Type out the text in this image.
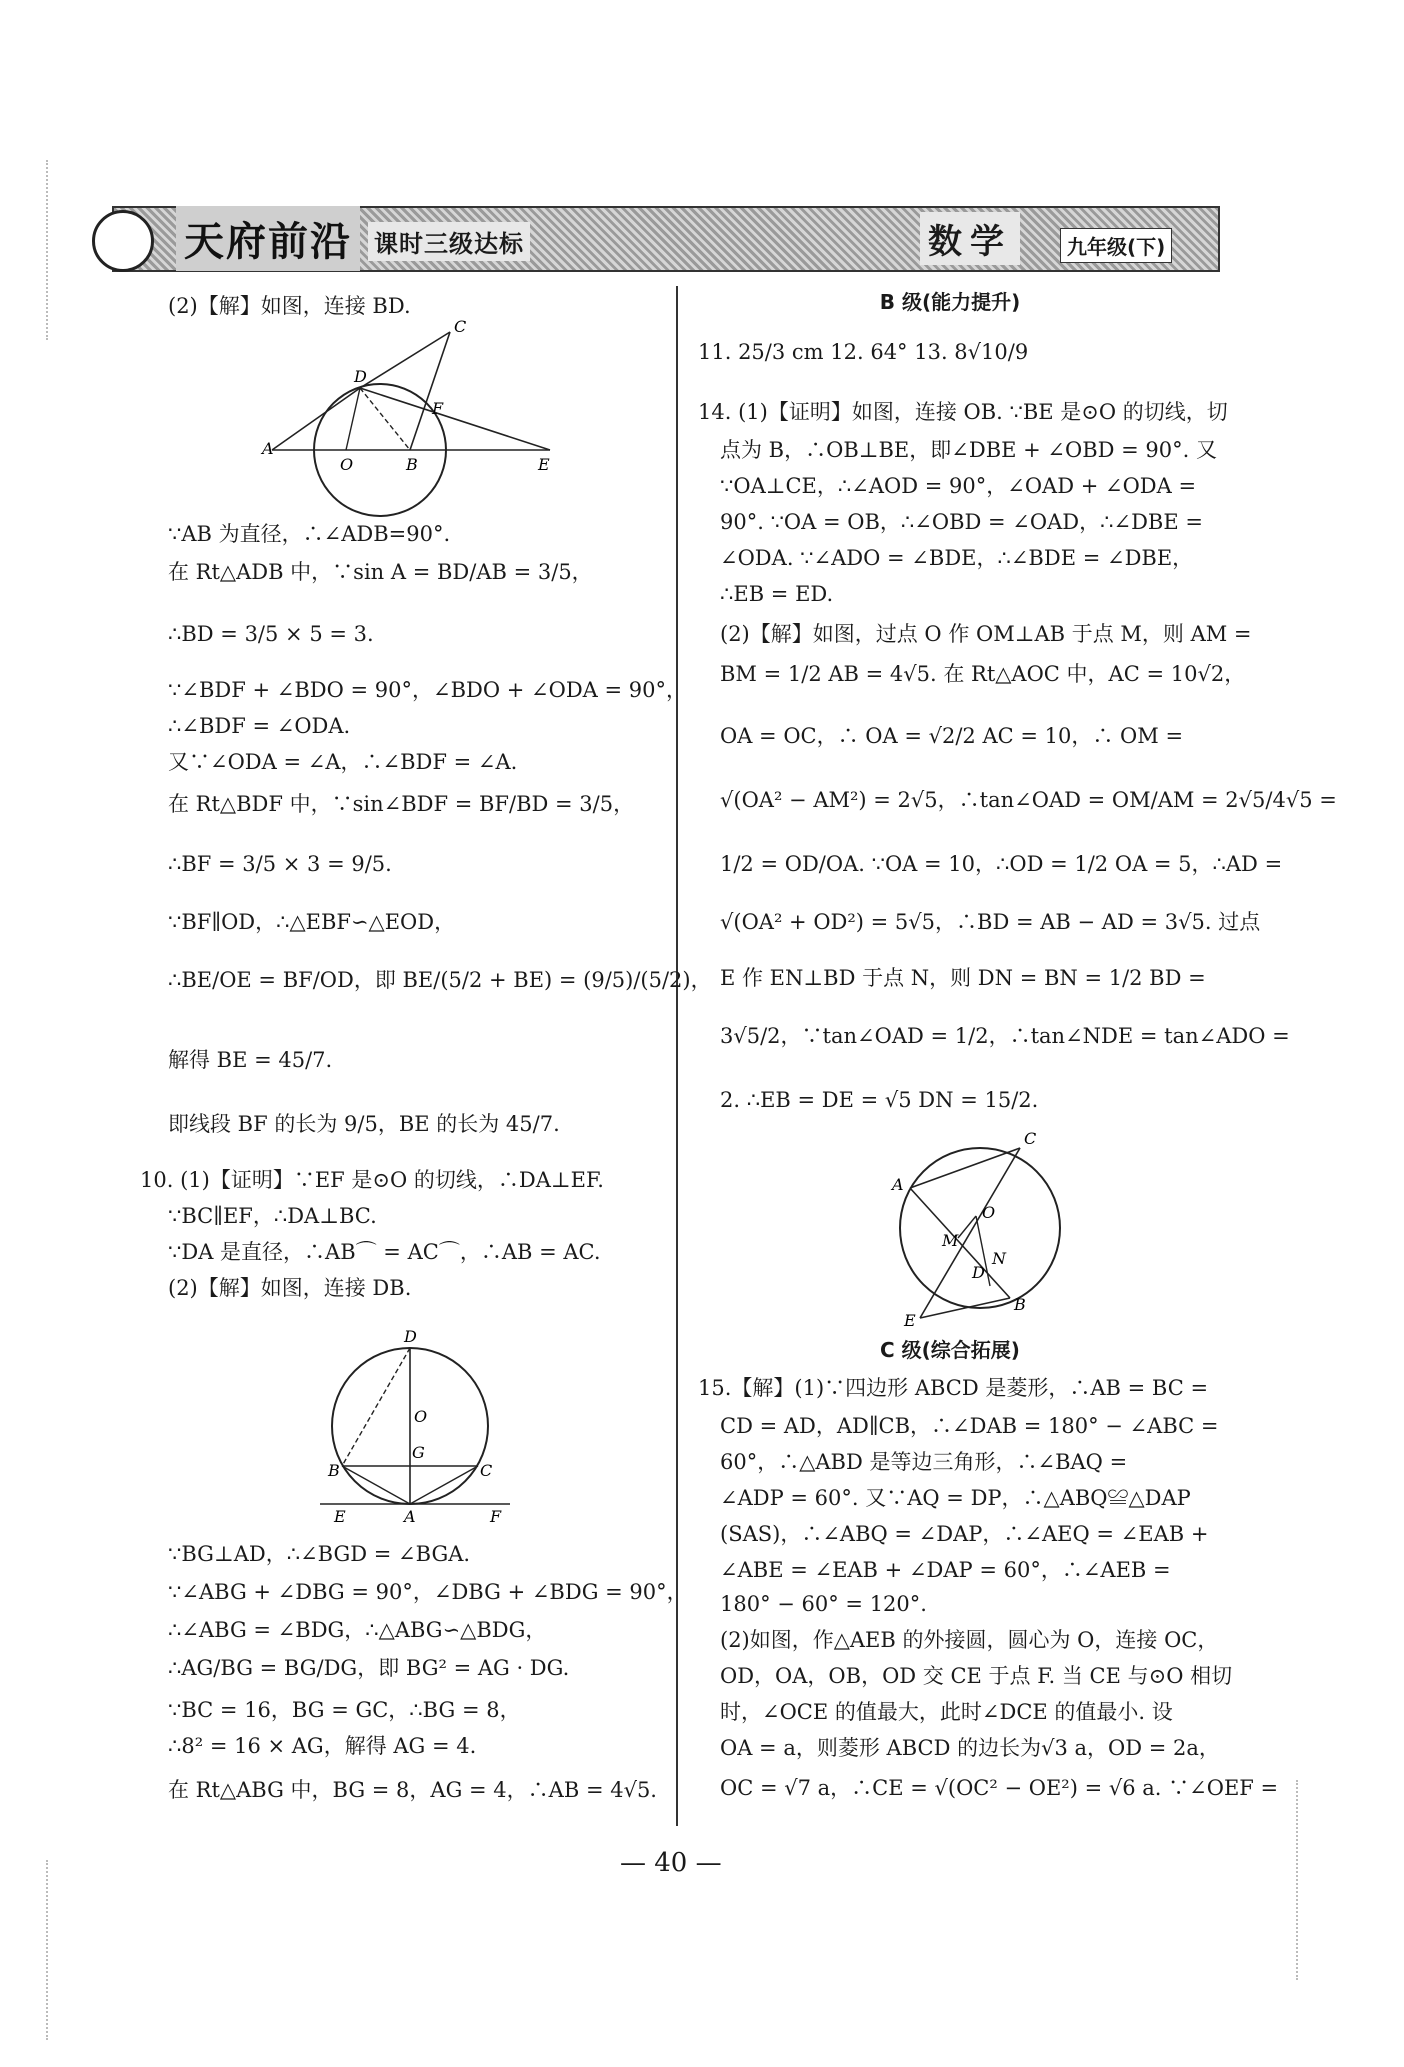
天府前沿 课时三级达标	数学	九年级(下)
(2)【解】如图，连接 BD.
∵AB 为直径，∴∠ADB=90°.
在 Rt△ADB 中，∵sin A = BD/AB = 3/5，
∴BD = 3/5 × 5 = 3.
∵∠BDF + ∠BDO = 90°，∠BDO + ∠ODA = 90°，
∴∠BDF = ∠ODA.
又∵∠ODA = ∠A，∴∠BDF = ∠A.
在 Rt△BDF 中，∵sin∠BDF = BF/BD = 3/5，
∴BF = 3/5 × 3 = 9/5.
∵BF∥OD，∴△EBF∽△EOD，
∴BE/OE = BF/OD，即 BE/(5/2 + BE) = (9/5)/(5/2)，
解得 BE = 45/7.
即线段 BF 的长为 9/5，BE 的长为 45/7.
10. (1)【证明】∵EF 是⊙O 的切线，∴DA⊥EF.
∵BC∥EF，∴DA⊥BC.
∵DA 是直径，∴AB⌒ = AC⌒，∴AB = AC.
(2)【解】如图，连接 DB.
∵BG⊥AD，∴∠BGD = ∠BGA.
∵∠ABG + ∠DBG = 90°，∠DBG + ∠BDG = 90°，
∴∠ABG = ∠BDG，∴△ABG∽△BDG，
∴AG/BG = BG/DG，即 BG² = AG · DG.
∵BC = 16，BG = GC，∴BG = 8，
∴8² = 16 × AG，解得 AG = 4.
在 Rt△ABG 中，BG = 8，AG = 4，∴AB = 4√5.
C
D
F
A
O	B	E
D
O
G
B	C
E	A	F
B 级(能力提升)
11. 25/3 cm 12. 64° 13. 8√10/9
14. (1)【证明】如图，连接 OB. ∵BE 是⊙O 的切线，切
点为 B，∴OB⊥BE，即∠DBE + ∠OBD = 90°. 又
∵OA⊥CE，∴∠AOD = 90°，∠OAD + ∠ODA =
90°. ∵OA = OB，∴∠OBD = ∠OAD，∴∠DBE =
∠ODA. ∵∠ADO = ∠BDE，∴∠BDE = ∠DBE，
∴EB = ED.
(2)【解】如图，过点 O 作 OM⊥AB 于点 M，则 AM =
BM = 1/2 AB = 4√5. 在 Rt△AOC 中，AC = 10√2，
OA = OC，∴ OA = √2/2 AC = 10，∴ OM =
√(OA² − AM²) = 2√5，∴tan∠OAD = OM/AM = 2√5/4√5 =
1/2 = OD/OA. ∵OA = 10，∴OD = 1/2 OA = 5，∴AD =
√(OA² + OD²) = 5√5，∴BD = AB − AD = 3√5. 过点
E 作 EN⊥BD 于点 N，则 DN = BN = 1/2 BD =
3√5/2，∵tan∠OAD = 1/2，∴tan∠NDE = tan∠ADO =
2. ∴EB = DE = √5 DN = 15/2.
C
A
O
M
N
D
E
B
C 级(综合拓展)
15.【解】(1)∵四边形 ABCD 是菱形，∴AB = BC =
CD = AD，AD∥CB，∴∠DAB = 180° − ∠ABC =
60°，∴△ABD 是等边三角形，∴∠BAQ =
∠ADP = 60°. 又∵AQ = DP，∴△ABQ≌△DAP
(SAS)，∴∠ABQ = ∠DAP，∴∠AEQ = ∠EAB +
∠ABE = ∠EAB + ∠DAP = 60°，∴∠AEB =
180° − 60° = 120°.
(2)如图，作△AEB 的外接圆，圆心为 O，连接 OC，
OD，OA，OB，OD 交 CE 于点 F. 当 CE 与⊙O 相切
时，∠OCE 的值最大，此时∠DCE 的值最小. 设
OA = a，则菱形 ABCD 的边长为√3 a，OD = 2a，
OC = √7 a，∴CE = √(OC² − OE²) = √6 a. ∵∠OEF =
— 40 —
